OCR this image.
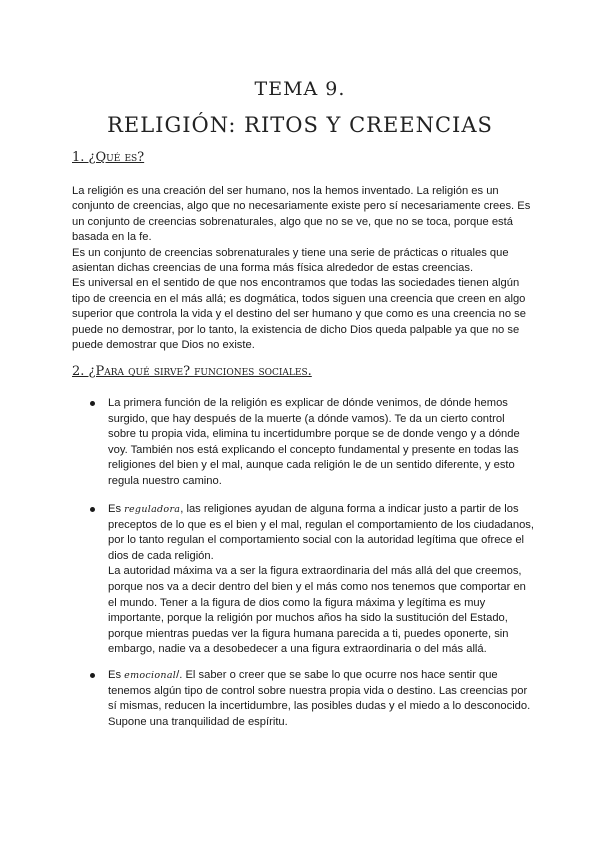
TEMA 9.
RELIGIÓN: RITOS Y CREENCIAS
1. ¿Qué es?
La religión es una creación del ser humano, nos la hemos inventado. La religión es un conjunto de creencias, algo que no necesariamente existe pero sí necesariamente crees. Es un conjunto de creencias sobrenaturales, algo que no se ve, que no se toca, porque está basada en la fe.
Es un conjunto de creencias sobrenaturales y tiene una serie de prácticas o rituales que asientan dichas creencias de una forma más física alrededor de estas creencias.
Es universal en el sentido de que nos encontramos que todas las sociedades tienen algún tipo de creencia en el más allá; es dogmática, todos siguen una creencia que creen en algo superior que controla la vida y el destino del ser humano y que como es una creencia no se puede no demostrar, por lo tanto, la existencia de dicho Dios queda palpable ya que no se puede demostrar que Dios no existe.
2. ¿Para qué sirve? funciones sociales.
La primera función de la religión es explicar de dónde venimos, de dónde hemos surgido, que hay después de la muerte (a dónde vamos). Te da un cierto control sobre tu propia vida, elimina tu incertidumbre porque se de donde vengo y a dónde voy. También nos está explicando el concepto fundamental y presente en todas las religiones del bien y el mal, aunque cada religión le de un sentido diferente, y esto regula nuestro camino.
Es reguladora, las religiones ayudan de alguna forma a indicar justo a partir de los preceptos de lo que es el bien y el mal, regulan el comportamiento de los ciudadanos, por lo tanto regulan el comportamiento social con la autoridad legítima que ofrece el dios de cada religión.
La autoridad máxima va a ser la figura extraordinaria del más allá del que creemos, porque nos va a decir dentro del bien y el más como nos tenemos que comportar en el mundo. Tener a la figura de dios como la figura máxima y legítima es muy importante, porque la religión por muchos años ha sido la sustitución del Estado, porque mientras puedas ver la figura humana parecida a ti, puedes oponerte, sin embargo, nadie va a desobedecer a una figura extraordinaria o del más allá.
Es emocional/. El saber o creer que se sabe lo que ocurre nos hace sentir que tenemos algún tipo de control sobre nuestra propia vida o destino. Las creencias por sí mismas, reducen la incertidumbre, las posibles dudas y el miedo a lo desconocido. Supone una tranquilidad de espíritu.
